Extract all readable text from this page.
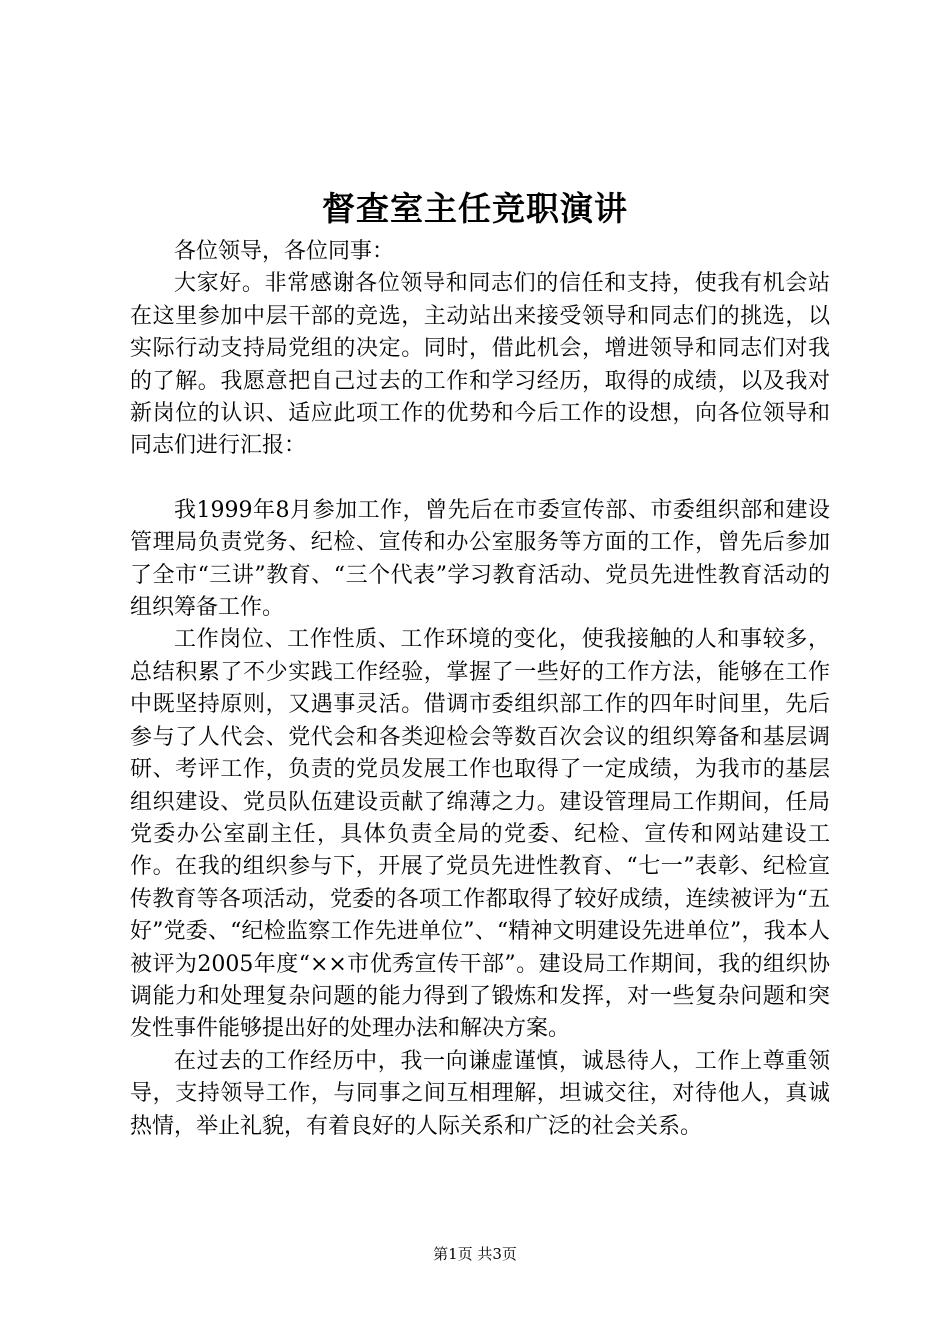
督查室主任竞职演讲

各位领导，各位同事：

大家好。非常感谢各位领导和同志们的信任和支持，使我有机会站在这里参加中层干部的竞选，主动站出来接受领导和同志们的挑选，以实际行动支持局党组的决定。同时，借此机会，增进领导和同志们对我的了解。我愿意把自己过去的工作和学习经历，取得的成绩，以及我对新岗位的认识、适应此项工作的优势和今后工作的设想，向各位领导和同志们进行汇报：

我1999年8月参加工作，曾先后在市委宣传部、市委组织部和建设管理局负责党务、纪检、宣传和办公室服务等方面的工作，曾先后参加了全市“三讲”教育、“三个代表”学习教育活动、党员先进性教育活动的组织筹备工作。

工作岗位、工作性质、工作环境的变化，使我接触的人和事较多，总结积累了不少实践工作经验，掌握了一些好的工作方法，能够在工作中既坚持原则，又遇事灵活。借调市委组织部工作的四年时间里，先后参与了人代会、党代会和各类迎检会等数百次会议的组织筹备和基层调研、考评工作，负责的党员发展工作也取得了一定成绩，为我市的基层组织建设、党员队伍建设贡献了绵薄之力。建设管理局工作期间，任局党委办公室副主任，具体负责全局的党委、纪检、宣传和网站建设工作。在我的组织参与下，开展了党员先进性教育、“七一”表彰、纪检宣传教育等各项活动，党委的各项工作都取得了较好成绩，连续被评为“五好”党委、“纪检监察工作先进单位”、“精神文明建设先进单位”，我本人被评为2005年度“××市优秀宣传干部”。建设局工作期间，我的组织协调能力和处理复杂问题的能力得到了锻炼和发挥，对一些复杂问题和突发性事件能够提出好的处理办法和解决方案。

在过去的工作经历中，我一向谦虚谨慎，诚恳待人，工作上尊重领导，支持领导工作，与同事之间互相理解，坦诚交往，对待他人，真诚热情，举止礼貌，有着良好的人际关系和广泛的社会关系。

第1页 共3页
